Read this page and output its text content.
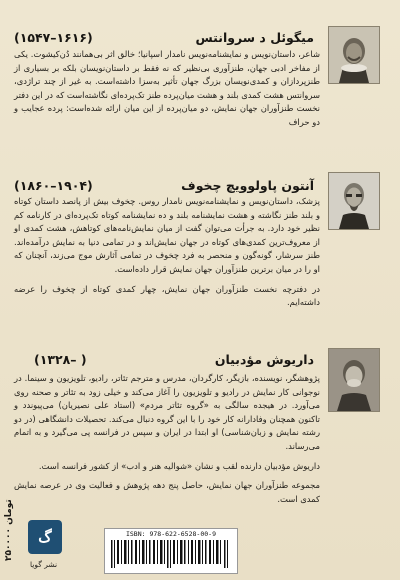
میگوئل د سروانتس
(۱۵۴۷–۱۶۱۶)

شاعر، داستان‌نویس و نمایشنامه‌نویس نامدار اسپانیا؛ خالق اثر بی‌همانند دُن‌کیشوت. یکی از مفاخر ادبی جهان، طنزآوری بی‌نظیر که نه فقط بر داستان‌نویسان بلکه بر بسیاری از طنزپردازان و کمدی‌نویسان بزرگ جهان تأثیر به‌سزا داشته‌است. به غیر از چند تراژدی، سروانتس هشت کمدی بلند و هشت میان‌پرده طنز تک‌پرده‌ای نگاشته‌است که در این دفتر نخست طنزآوران جهان نمایش، دو میان‌پرده از این میان ارائه شده‌است: پرده عجایب و دو حراف

آنتون پاولوویچ چخوف
(۱۸۶۰–۱۹۰۴)

پزشک، داستان‌نویس و نمایشنامه‌نویس نامدار روس. چخوف بیش از پانصد داستان کوتاه و بلند طنز نگاشته و هشت نمایشنامه بلند و ده نمایشنامه کوتاه تک‌پرده‌ای در کارنامه کم نظیر خود دارد. به جرأت می‌توان گفت از میان نمایش‌نامه‌های کوتاهش، هشت کمدی او از معروف‌ترین کمدی‌های کوتاه در جهان نمایش‌اند و در تمامی دنیا به نمایش درآمده‌اند. طنز سرشار، گونه‌گون و منحصر به فرد چخوف در تمامی آثارش موج می‌زند، آنچنان که او را در میان برترین طنزآوران جهان نمایش قرار داده‌است.

در دفترچه نخست طنزآوران جهان نمایش، چهار کمدی کوتاه از چخوف را عرضه داشته‌ایم.

داریوش مؤدبیان
(۱۳۲۸– )

پژوهشگر، نویسنده، بازیگر، کارگردان، مدرس و مترجم تئاتر، رادیو، تلویزیون و سینما. در نوجوانی کار نمایش در رادیو و تلویزیون را آغاز می‌کند و خیلی زود به تئاتر و صحنه روی می‌آورد. در هیجده سالگی به «گروه تئاتر مردم» (استاد علی نصیریان) می‌پیوندد و تاکنون همچنان وفادارانه کار خود را با این گروه دنبال می‌کند. تحصیلات دانشگاهی (در دو رشته نمایش و زبان‌شناسی) او ابتدا در ایران و سپس در فرانسه پی می‌گیرد و به اتمام می‌رساند.

داریوش مؤدبیان دارنده لقب و نشان «شوالیه هنر و ادب» از کشور فرانسه است.

مجموعه طنزآوران جهان نمایش، حاصل پنج دهه پژوهش و فعالیت وی در عرصه نمایش کمدی است.

۲۵۰۰۰۰ تومان
گ
نشر گویا
ISBN: 978-622-6528-00-9
